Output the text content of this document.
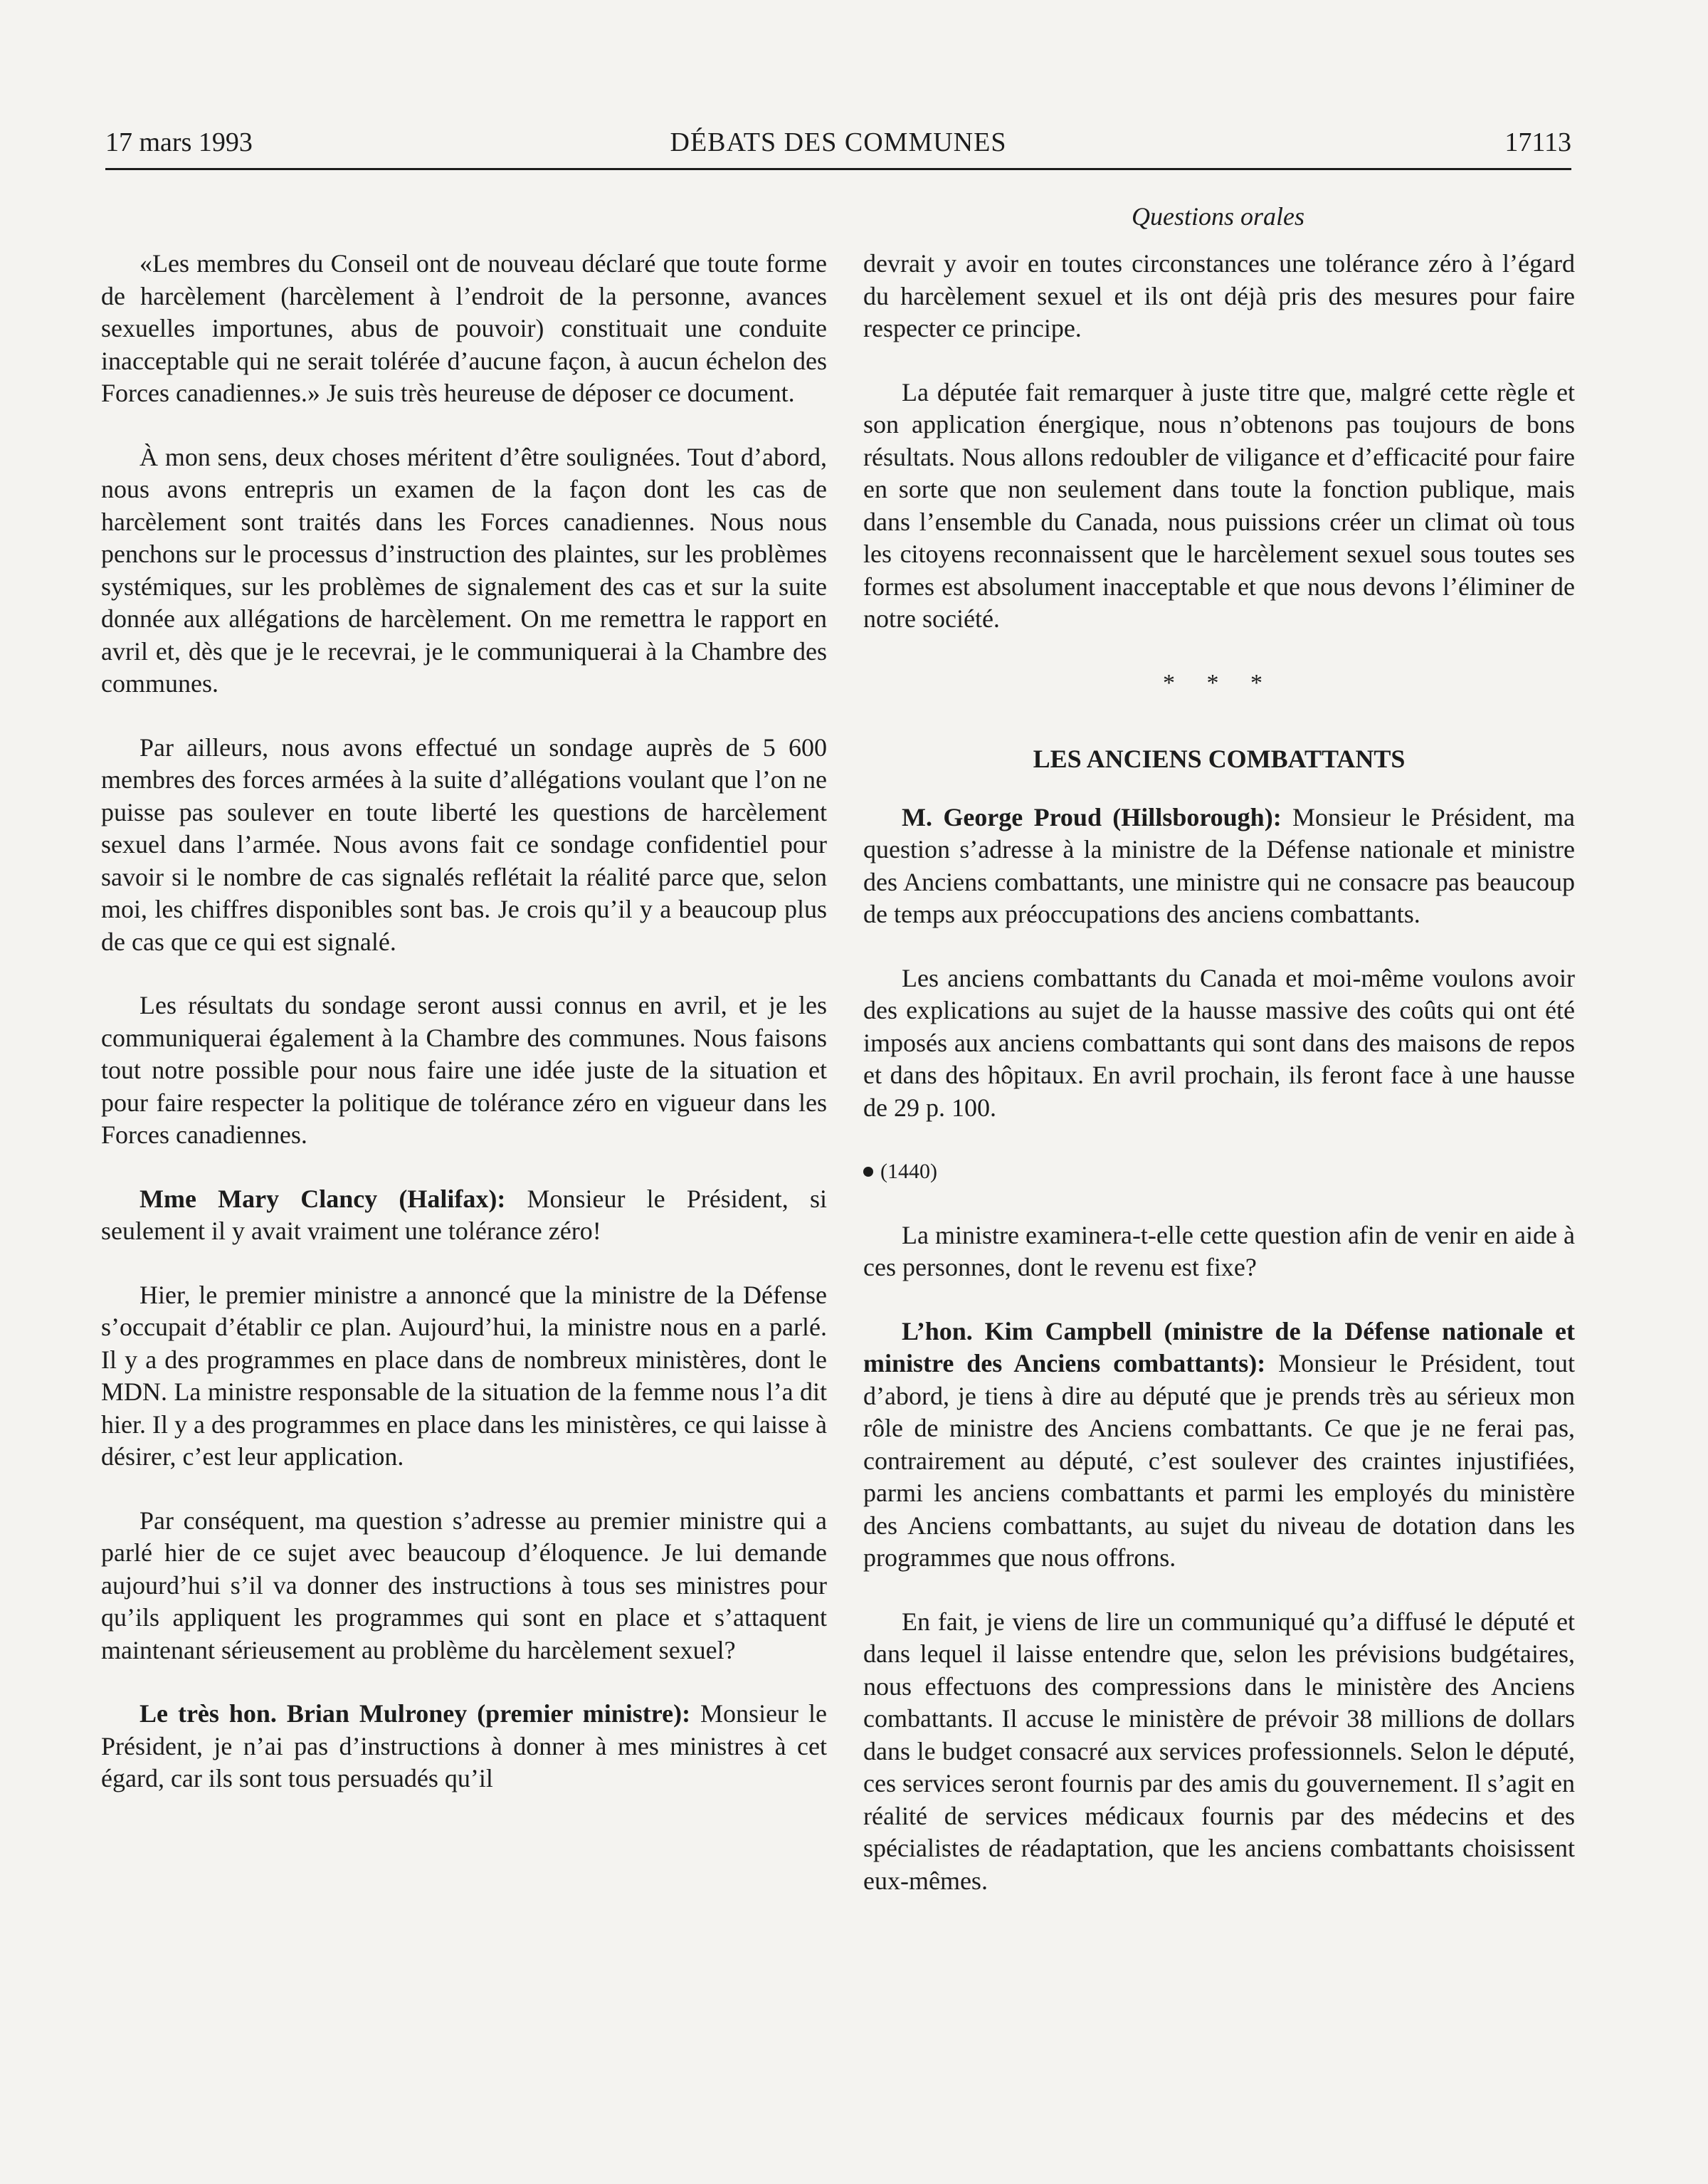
17 mars 1993	DÉBATS DES COMMUNES	17113
Questions orales

«Les membres du Conseil ont de nouveau déclaré que toute forme de harcèlement (harcèlement à l’endroit de la personne, avances sexuelles importunes, abus de pouvoir) constituait une conduite inacceptable qui ne serait tolérée d’aucune façon, à aucun échelon des Forces canadiennes.» Je suis très heureuse de déposer ce document.

À mon sens, deux choses méritent d’être soulignées. Tout d’abord, nous avons entrepris un examen de la façon dont les cas de harcèlement sont traités dans les Forces canadiennes. Nous nous penchons sur le processus d’instruction des plaintes, sur les problèmes systémiques, sur les problèmes de signalement des cas et sur la suite donnée aux allégations de harcèlement. On me remettra le rapport en avril et, dès que je le recevrai, je le communiquerai à la Chambre des communes.

Par ailleurs, nous avons effectué un sondage auprès de 5 600 membres des forces armées à la suite d’allégations voulant que l’on ne puisse pas soulever en toute liberté les questions de harcèlement sexuel dans l’armée. Nous avons fait ce sondage confidentiel pour savoir si le nombre de cas signalés reflétait la réalité parce que, selon moi, les chiffres disponibles sont bas. Je crois qu’il y a beaucoup plus de cas que ce qui est signalé.

Les résultats du sondage seront aussi connus en avril, et je les communiquerai également à la Chambre des communes. Nous faisons tout notre possible pour nous faire une idée juste de la situation et pour faire respecter la politique de tolérance zéro en vigueur dans les Forces canadiennes.

Mme Mary Clancy (Halifax): Monsieur le Président, si seulement il y avait vraiment une tolérance zéro!

Hier, le premier ministre a annoncé que la ministre de la Défense s’occupait d’établir ce plan. Aujourd’hui, la ministre nous en a parlé. Il y a des programmes en place dans de nombreux ministères, dont le MDN. La ministre responsable de la situation de la femme nous l’a dit hier. Il y a des programmes en place dans les ministères, ce qui laisse à désirer, c’est leur application.

Par conséquent, ma question s’adresse au premier ministre qui a parlé hier de ce sujet avec beaucoup d’éloquence. Je lui demande aujourd’hui s’il va donner des instructions à tous ses ministres pour qu’ils appliquent les programmes qui sont en place et s’attaquent maintenant sérieusement au problème du harcèlement sexuel?

Le très hon. Brian Mulroney (premier ministre): Monsieur le Président, je n’ai pas d’instructions à donner à mes ministres à cet égard, car ils sont tous persuadés qu’il

devrait y avoir en toutes circonstances une tolérance zéro à l’égard du harcèlement sexuel et ils ont déjà pris des mesures pour faire respecter ce principe.

La députée fait remarquer à juste titre que, malgré cette règle et son application énergique, nous n’obtenons pas toujours de bons résultats. Nous allons redoubler de viligance et d’efficacité pour faire en sorte que non seulement dans toute la fonction publique, mais dans l’ensemble du Canada, nous puissions créer un climat où tous les citoyens reconnaissent que le harcèlement sexuel sous toutes ses formes est absolument inacceptable et que nous devons l’éliminer de notre société.

* * *
LES ANCIENS COMBATTANTS

M. George Proud (Hillsborough): Monsieur le Président, ma question s’adresse à la ministre de la Défense nationale et ministre des Anciens combattants, une ministre qui ne consacre pas beaucoup de temps aux préoccupations des anciens combattants.

Les anciens combattants du Canada et moi-même voulons avoir des explications au sujet de la hausse massive des coûts qui ont été imposés aux anciens combattants qui sont dans des maisons de repos et dans des hôpitaux. En avril prochain, ils feront face à une hausse de 29 p. 100.

(1440)

La ministre examinera-t-elle cette question afin de venir en aide à ces personnes, dont le revenu est fixe?

L’hon. Kim Campbell (ministre de la Défense nationale et ministre des Anciens combattants): Monsieur le Président, tout d’abord, je tiens à dire au député que je prends très au sérieux mon rôle de ministre des Anciens combattants. Ce que je ne ferai pas, contrairement au député, c’est soulever des craintes injustifiées, parmi les anciens combattants et parmi les employés du ministère des Anciens combattants, au sujet du niveau de dotation dans les programmes que nous offrons.

En fait, je viens de lire un communiqué qu’a diffusé le député et dans lequel il laisse entendre que, selon les prévisions budgétaires, nous effectuons des compressions dans le ministère des Anciens combattants. Il accuse le ministère de prévoir 38 millions de dollars dans le budget consacré aux services professionnels. Selon le député, ces services seront fournis par des amis du gouvernement. Il s’agit en réalité de services médicaux fournis par des médecins et des spécialistes de réadaptation, que les anciens combattants choisissent eux-mêmes.
